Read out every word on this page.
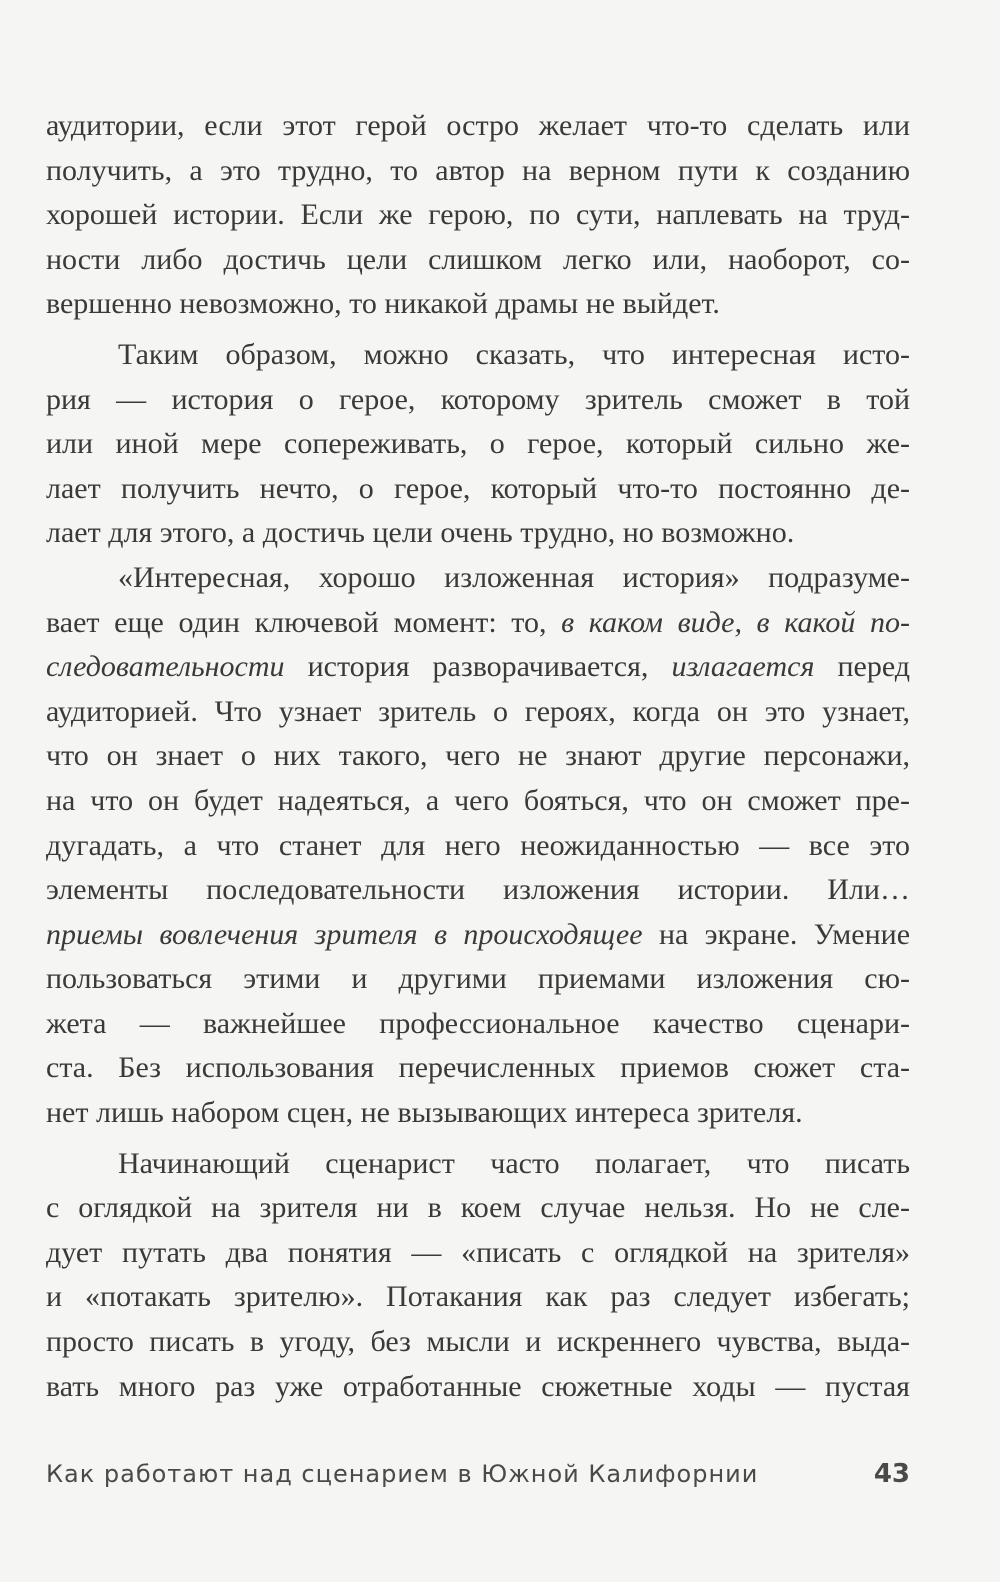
аудитории, если этот герой остро желает что-то сделать или
получить, а это трудно, то автор на верном пути к созданию
хорошей истории. Если же герою, по сути, наплевать на труд-
ности либо достичь цели слишком легко или, наоборот, со-
вершенно невозможно, то никакой драмы не выйдет.
Таким образом, можно сказать, что интересная исто-
рия — история о герое, которому зритель сможет в той
или иной мере сопереживать, о герое, который сильно же-
лает получить нечто, о герое, который что-то постоянно де-
лает для этого, а достичь цели очень трудно, но возможно.
«Интересная, хорошо изложенная история» подразуме-
вает еще один ключевой момент: то, в каком виде, в какой по-
следовательности история разворачивается, излагается перед
аудиторией. Что узнает зритель о героях, когда он это узнает,
что он знает о них такого, чего не знают другие персонажи,
на что он будет надеяться, а чего бояться, что он сможет пре-
дугадать, а что станет для него неожиданностью — все это
элементы последовательности изложения истории. Или…
приемы вовлечения зрителя в происходящее на экране. Умение
пользоваться этими и другими приемами изложения сю-
жета — важнейшее профессиональное качество сценари-
ста. Без использования перечисленных приемов сюжет ста-
нет лишь набором сцен, не вызывающих интереса зрителя.
Начинающий сценарист часто полагает, что писать
с оглядкой на зрителя ни в коем случае нельзя. Но не сле-
дует путать два понятия — «писать с оглядкой на зрителя»
и «потакать зрителю». Потакания как раз следует избегать;
просто писать в угоду, без мысли и искреннего чувства, выда-
вать много раз уже отработанные сюжетные ходы — пустая
Как работают над сценарием в Южной Калифорнии	43
